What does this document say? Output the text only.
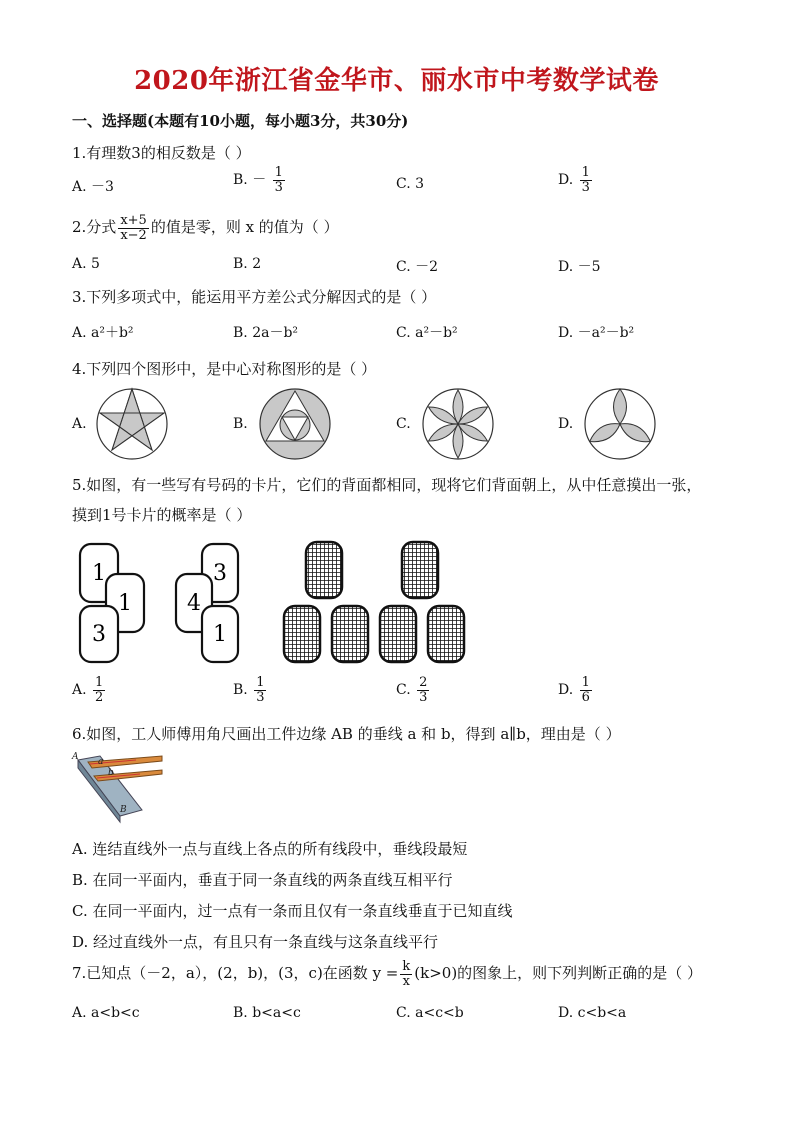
2020年浙江省金华市、丽水市中考数学试卷
一、选择题(本题有10小题，每小题3分，共30分)
1.有理数3的相反数是（ ）
A. －3	B. － $\frac{1}{3}$	C. 3	D. $\frac{1}{3}$
2.分式 $\frac{x+5}{x-2}$ 的值是零，则 x 的值为（ ）
A. 5	B. 2	C. －2	D. －5
3.下列多项式中，能运用平方差公式分解因式的是（ ）
A. a²＋b²	B. 2a－b²	C. a²－b²	D. －a²－b²
4.下列四个图形中，是中心对称图形的是（ ）
A.	B.	C.	D.
5.如图，有一些写有号码的卡片，它们的背面都相同，现将它们背面朝上，从中任意摸出一张，
摸到1号卡片的概率是（ ）
1
1
3
3
4
1
A. $\frac{1}{2}$	B. $\frac{1}{3}$	C. $\frac{2}{3}$	D. $\frac{1}{6}$
6.如图，工人师傅用角尺画出工件边缘 AB 的垂线 a 和 b，得到 a∥b，理由是（ ）
A a
b
B
A. 连结直线外一点与直线上各点的所有线段中，垂线段最短
B. 在同一平面内，垂直于同一条直线的两条直线互相平行
C. 在同一平面内，过一点有一条而且仅有一条直线垂直于已知直线
D. 经过直线外一点，有且只有一条直线与这条直线平行
7.已知点（－2，a），(2，b)，(3，c)在函数 $y = \frac{k}{x} (k>0)$的图象上，则下列判断正确的是（ ）
A. a<b<c	B. b<a<c	C. a<c<b	D. c<b<a
